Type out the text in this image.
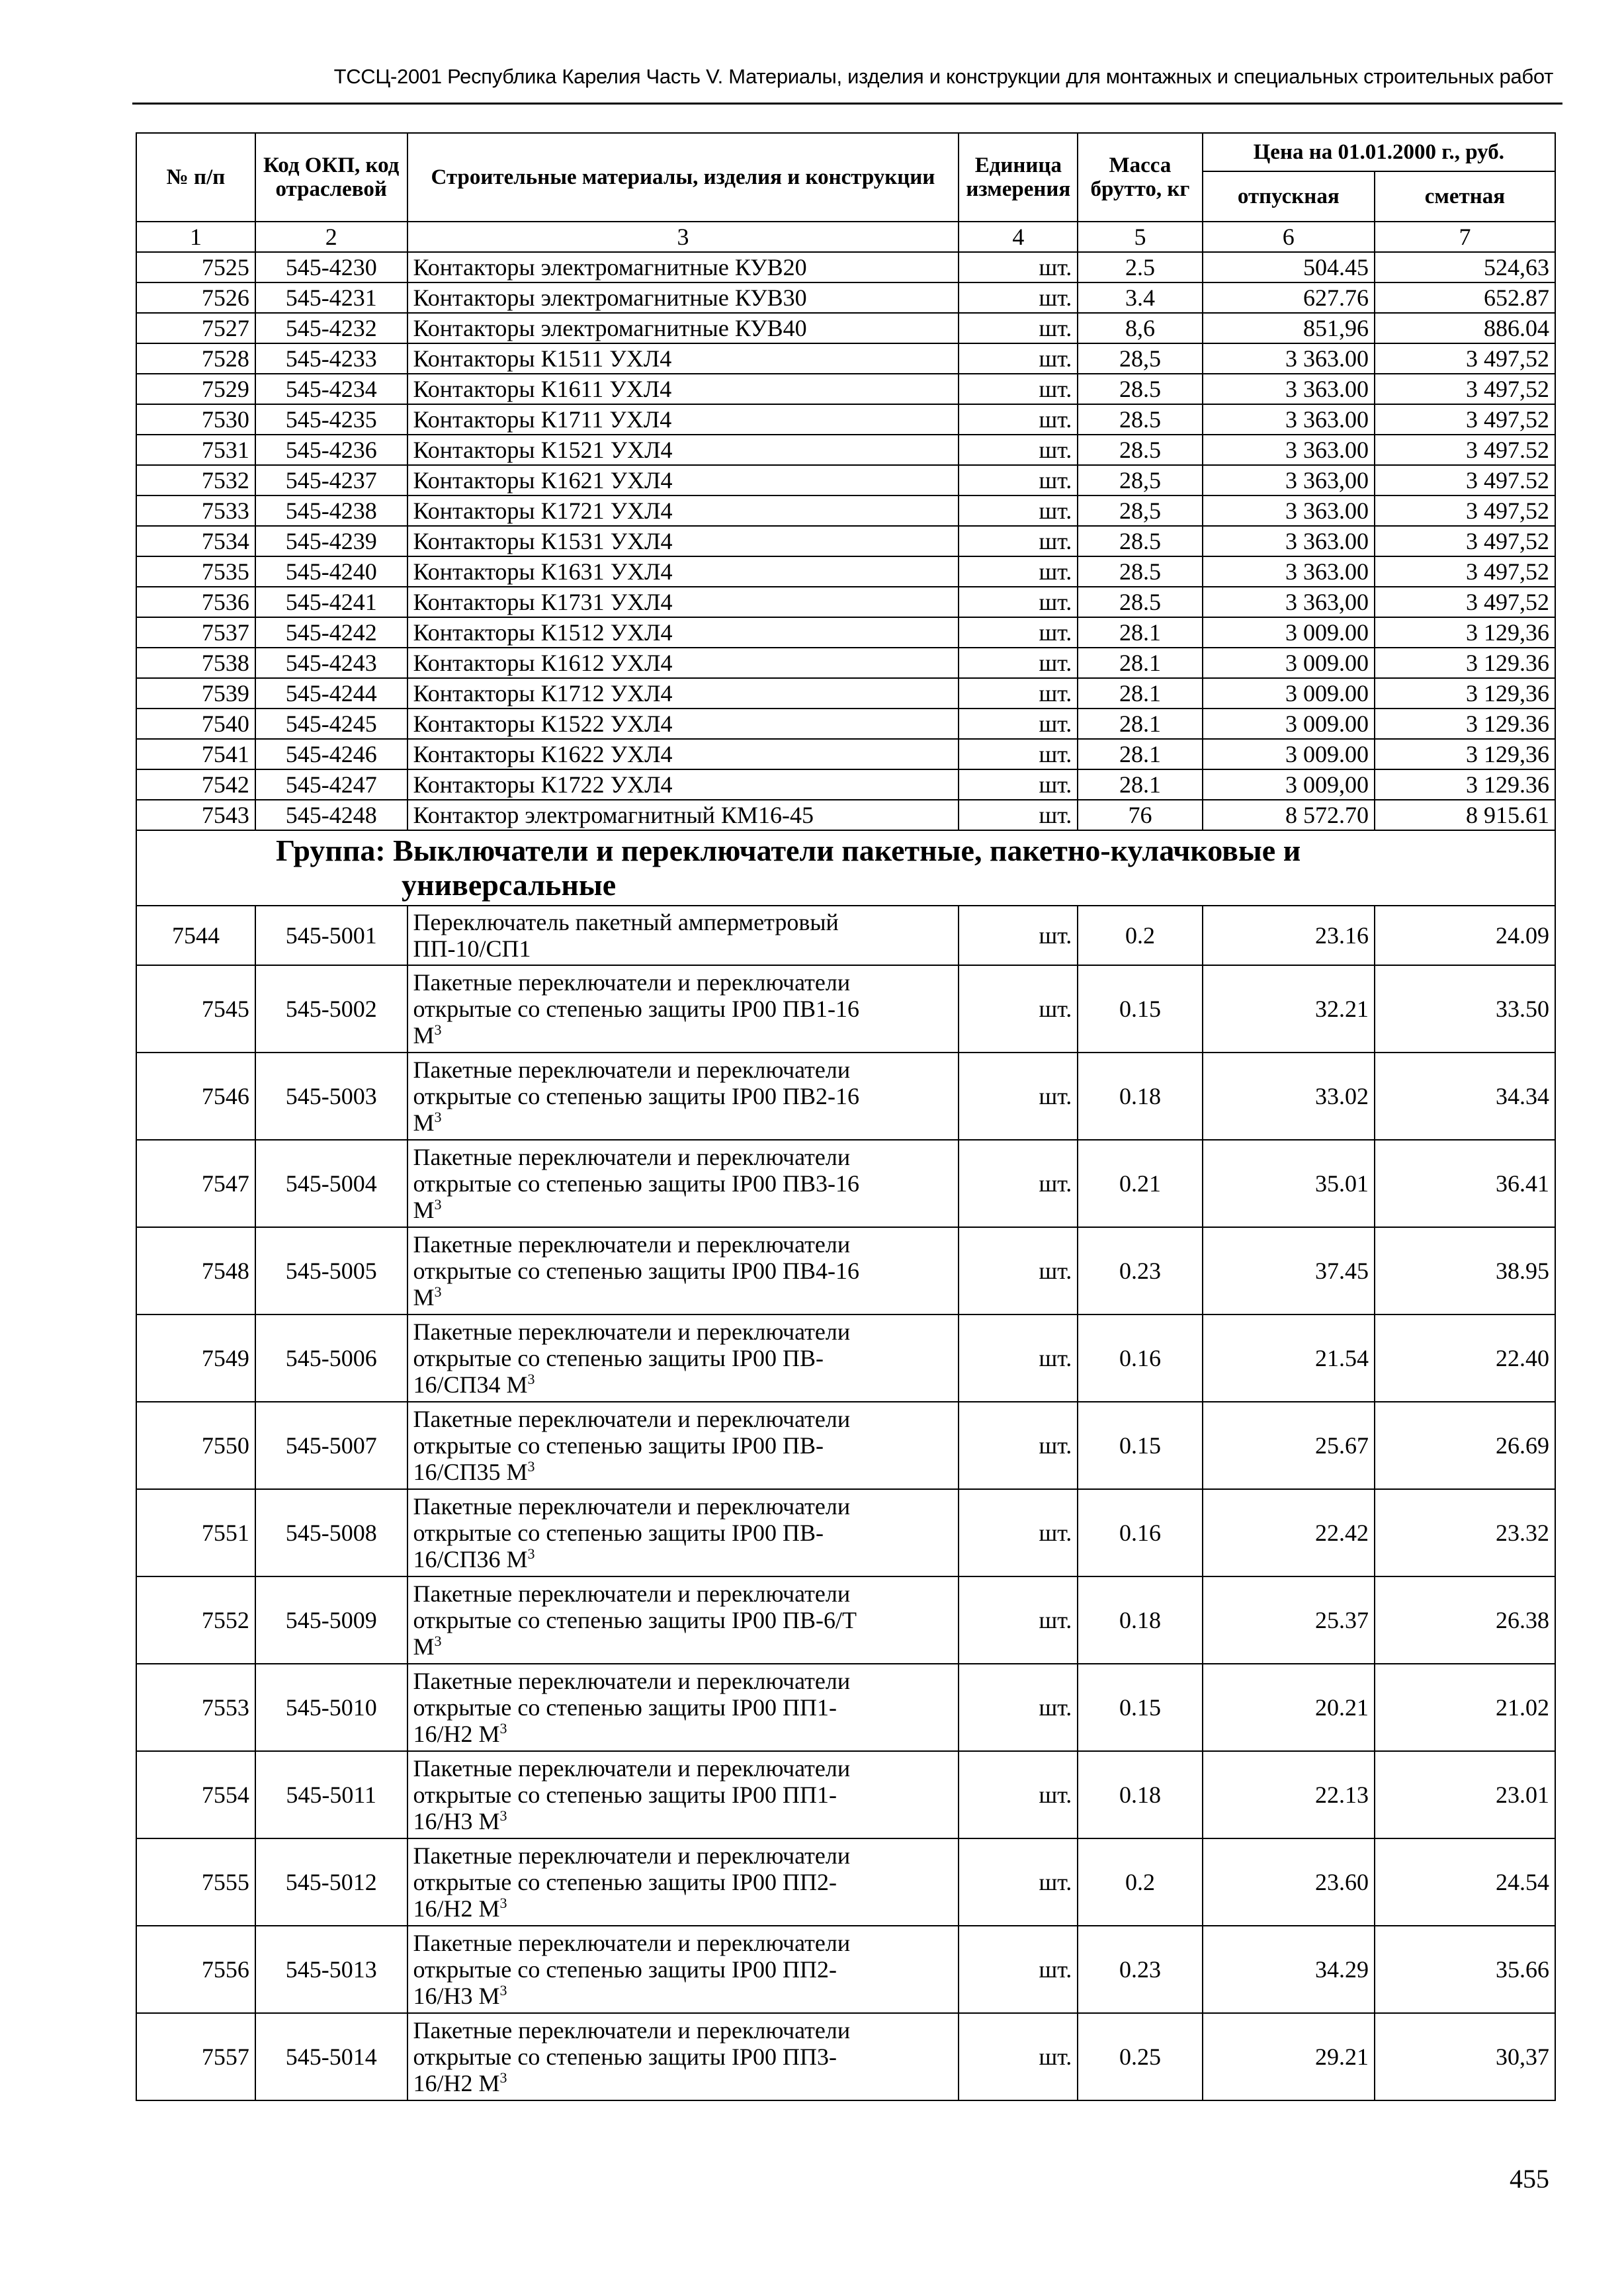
ТССЦ-2001 Республика Карелия Часть V. Материалы, изделия и конструкции для монтажных и специальных строительных работ
№ п/п	Код ОКП, код отраслевой	Строительные материалы, изделия и конструкции	Единица измерения	Масса брутто, кг	Цена на 01.01.2000 г., руб.	
					отпускная	сметная
1	2	3	4	5	6	7
7525	545-4230	Контакторы электромагнитные КУВ20	шт.	2.5	504.45	524,63
7526	545-4231	Контакторы электромагнитные КУВ30	шт.	3.4	627.76	652.87
7527	545-4232	Контакторы электромагнитные КУВ40	шт.	8,6	851,96	886.04
7528	545-4233	Контакторы К1511 УХЛ4	шт.	28,5	3 363.00	3 497,52
7529	545-4234	Контакторы К1611 УХЛ4	шт.	28.5	3 363.00	3 497,52
7530	545-4235	Контакторы К1711 УХЛ4	шт.	28.5	3 363.00	3 497,52
7531	545-4236	Контакторы К1521 УХЛ4	шт.	28.5	3 363.00	3 497.52
7532	545-4237	Контакторы К1621 УХЛ4	шт.	28,5	3 363,00	3 497.52
7533	545-4238	Контакторы К1721 УХЛ4	шт.	28,5	3 363.00	3 497,52
7534	545-4239	Контакторы К1531 УХЛ4	шт.	28.5	3 363.00	3 497,52
7535	545-4240	Контакторы К1631 УХЛ4	шт.	28.5	3 363.00	3 497,52
7536	545-4241	Контакторы К1731 УХЛ4	шт.	28.5	3 363,00	3 497,52
7537	545-4242	Контакторы К1512 УХЛ4	шт.	28.1	3 009.00	3 129,36
7538	545-4243	Контакторы К1612 УХЛ4	шт.	28.1	3 009.00	3 129.36
7539	545-4244	Контакторы К1712 УХЛ4	шт.	28.1	3 009.00	3 129,36
7540	545-4245	Контакторы К1522 УХЛ4	шт.	28.1	3 009.00	3 129.36
7541	545-4246	Контакторы К1622 УХЛ4	шт.	28.1	3 009.00	3 129,36
7542	545-4247	Контакторы К1722 УХЛ4	шт.	28.1	3 009,00	3 129.36
7543	545-4248	Контактор электромагнитный КМ16-45	шт.	76	8 572.70	8 915.61
Группа: Выключатели и переключатели пакетные, пакетно-кулачковые и
универсальные						
7544	545-5001	Переключатель пакетный амперметровый
ПП-10/СП1	шт.	0.2	23.16	24.09
7545	545-5002	Пакетные переключатели и переключатели
открытые со степенью защиты IP00 ПВ1-16
$М^3$	шт.	0.15	32.21	33.50
7546	545-5003	Пакетные переключатели и переключатели
открытые со степенью защиты IP00 ПВ2-16
$М^3$	шт.	0.18	33.02	34.34
7547	545-5004	Пакетные переключатели и переключатели
открытые со степенью защиты IP00 ПВ3-16
$М^3$	шт.	0.21	35.01	36.41
7548	545-5005	Пакетные переключатели и переключатели
открытые со степенью защиты IP00 ПВ4-16
$М^3$	шт.	0.23	37.45	38.95
7549	545-5006	Пакетные переключатели и переключатели
открытые со степенью защиты IP00 ПВ-
16/СП34 $М^3$	шт.	0.16	21.54	22.40
7550	545-5007	Пакетные переключатели и переключатели
открытые со степенью защиты IP00 ПВ-
16/СП35 $М^3$	шт.	0.15	25.67	26.69
7551	545-5008	Пакетные переключатели и переключатели
открытые со степенью защиты IP00 ПВ-
16/СП36 $М^3$	шт.	0.16	22.42	23.32
7552	545-5009	Пакетные переключатели и переключатели
открытые со степенью защиты IP00 ПВ-6/Т
$М^3$	шт.	0.18	25.37	26.38
7553	545-5010	Пакетные переключатели и переключатели
открытые со степенью защиты IP00 ПП1-
16/Н2 $М^3$	шт.	0.15	20.21	21.02
7554	545-5011	Пакетные переключатели и переключатели
открытые со степенью защиты IP00 ПП1-
16/Н3 $М^3$	шт.	0.18	22.13	23.01
7555	545-5012	Пакетные переключатели и переключатели
открытые со степенью защиты IP00 ПП2-
16/Н2 $М^3$	шт.	0.2	23.60	24.54
7556	545-5013	Пакетные переключатели и переключатели
открытые со степенью защиты IP00 ПП2-
16/Н3 $М^3$	шт.	0.23	34.29	35.66
7557	545-5014	Пакетные переключатели и переключатели
открытые со степенью защиты IP00 ПП3-
16/Н2 $М^3$	шт.	0.25	29.21	30,37
455
